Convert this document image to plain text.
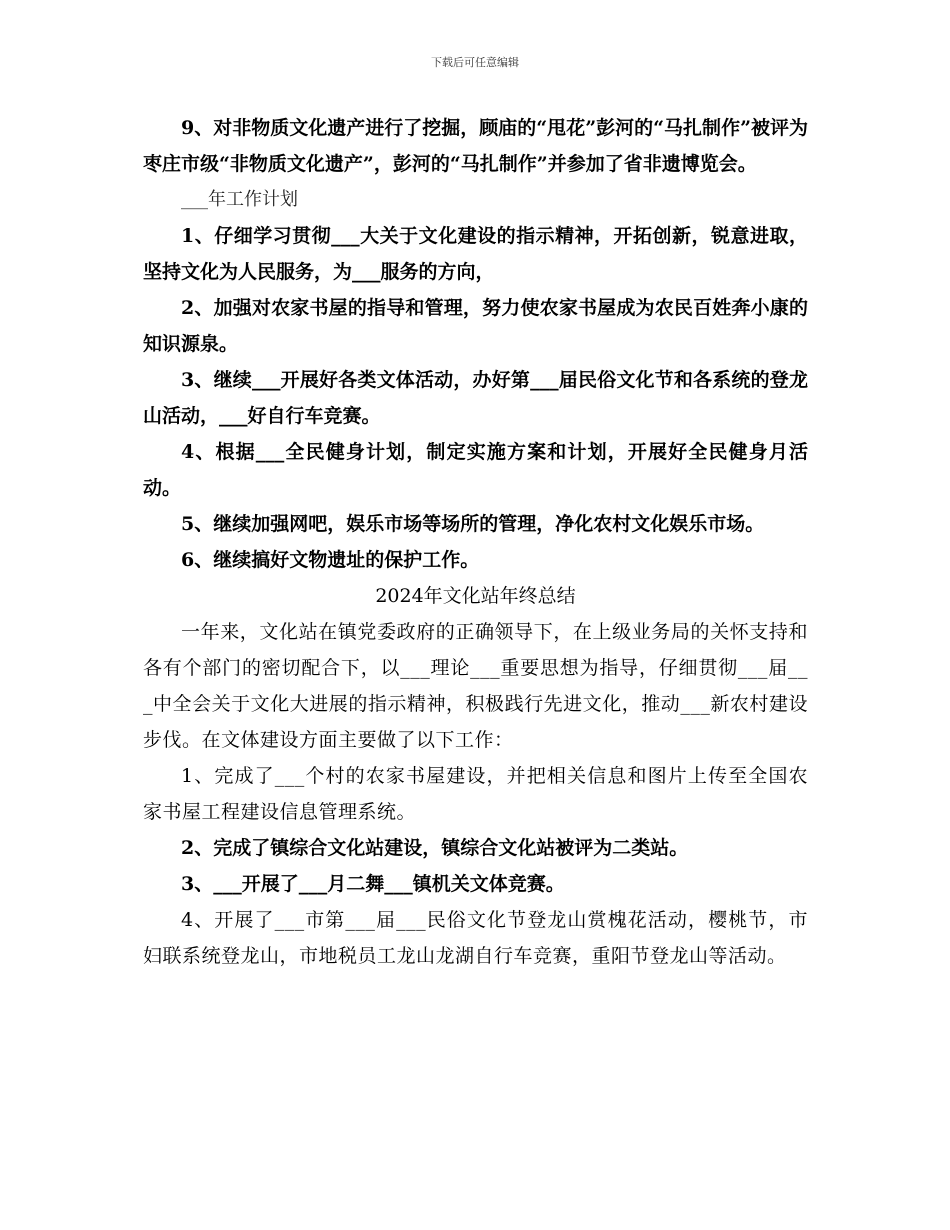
下载后可任意编辑

9、对非物质文化遗产进行了挖掘，顾庙的“甩花”彭河的“马扎制作”被评为枣庄市级“非物质文化遗产”，彭河的“马扎制作”并参加了省非遗博览会。

___年工作计划

1、仔细学习贯彻___大关于文化建设的指示精神，开拓创新，锐意进取，坚持文化为人民服务，为___服务的方向，

2、加强对农家书屋的指导和管理，努力使农家书屋成为农民百姓奔小康的知识源泉。

3、继续___开展好各类文体活动，办好第___届民俗文化节和各系统的登龙山活动，___好自行车竞赛。

4、根据___全民健身计划，制定实施方案和计划，开展好全民健身月活动。

5、继续加强网吧，娱乐市场等场所的管理，净化农村文化娱乐市场。

6、继续搞好文物遗址的保护工作。

2024年文化站年终总结

一年来，文化站在镇党委政府的正确领导下，在上级业务局的关怀支持和各有个部门的密切配合下，以___理论___重要思想为指导，仔细贯彻___届___中全会关于文化大进展的指示精神，积极践行先进文化，推动___新农村建设步伐。在文体建设方面主要做了以下工作：

1、完成了___个村的农家书屋建设，并把相关信息和图片上传至全国农家书屋工程建设信息管理系统。

2、完成了镇综合文化站建设，镇综合文化站被评为二类站。

3、___开展了___月二舞___镇机关文体竞赛。

4、开展了___市第___届___民俗文化节登龙山赏槐花活动，樱桃节，市妇联系统登龙山，市地税员工龙山龙湖自行车竞赛，重阳节登龙山等活动。
